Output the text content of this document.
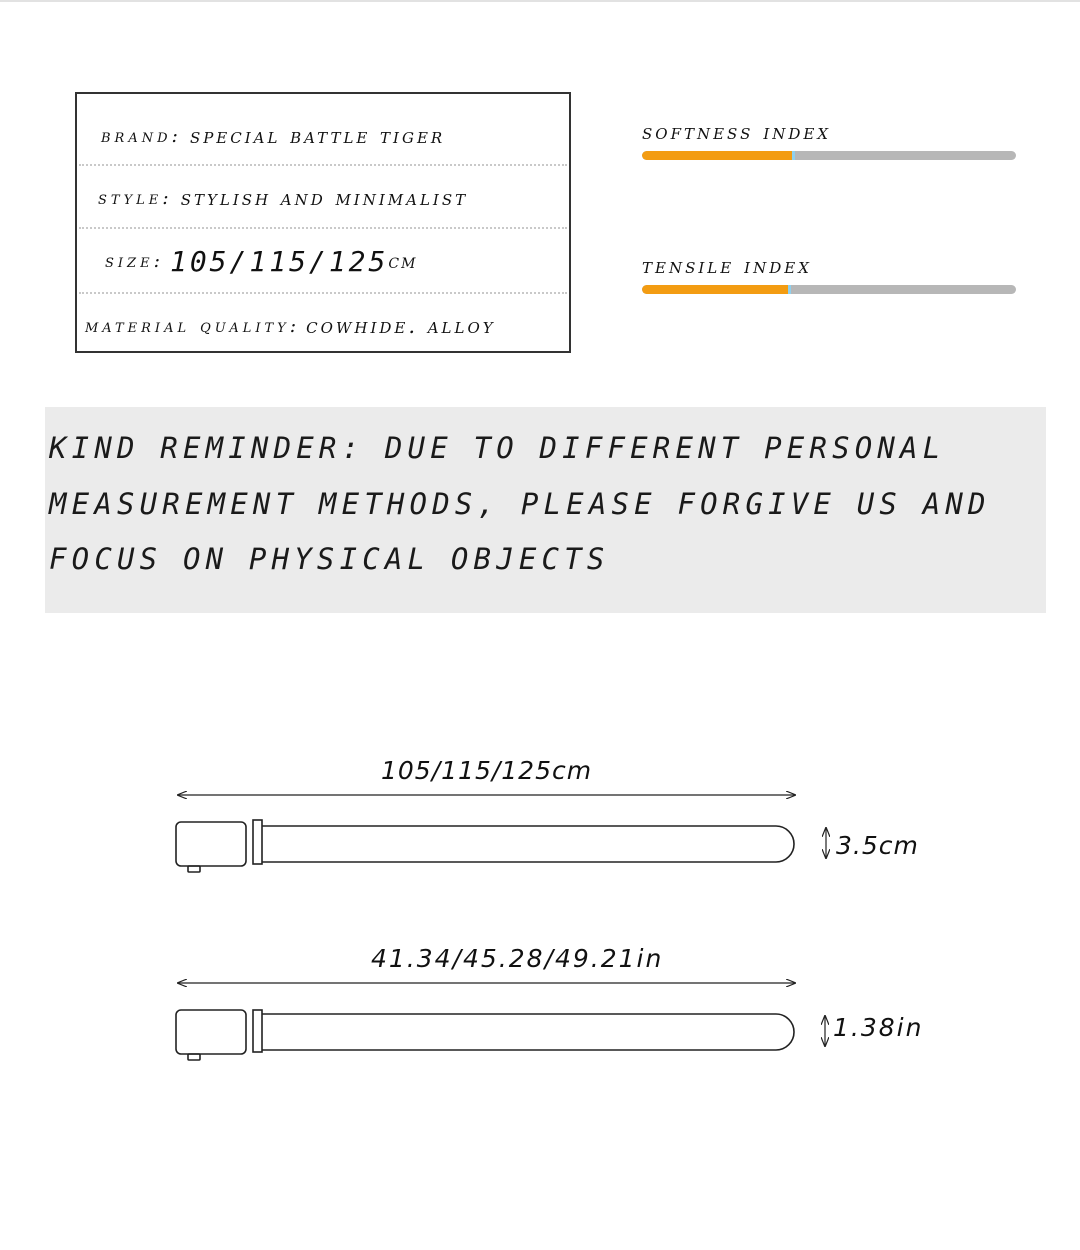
brand: special battle tiger
style: stylish and minimalist
size: 105/115/125 cm
material quality: cowhide. alloy
softness index
tensile index
KIND REMINDER: DUE TO DIFFERENT PERSONAL MEASUREMENT METHODS, PLEASE FORGIVE US AND FOCUS ON PHYSICAL OBJECTS
105/115/125cm
3.5cm
41.34/45.28/49.21in
1.38in
